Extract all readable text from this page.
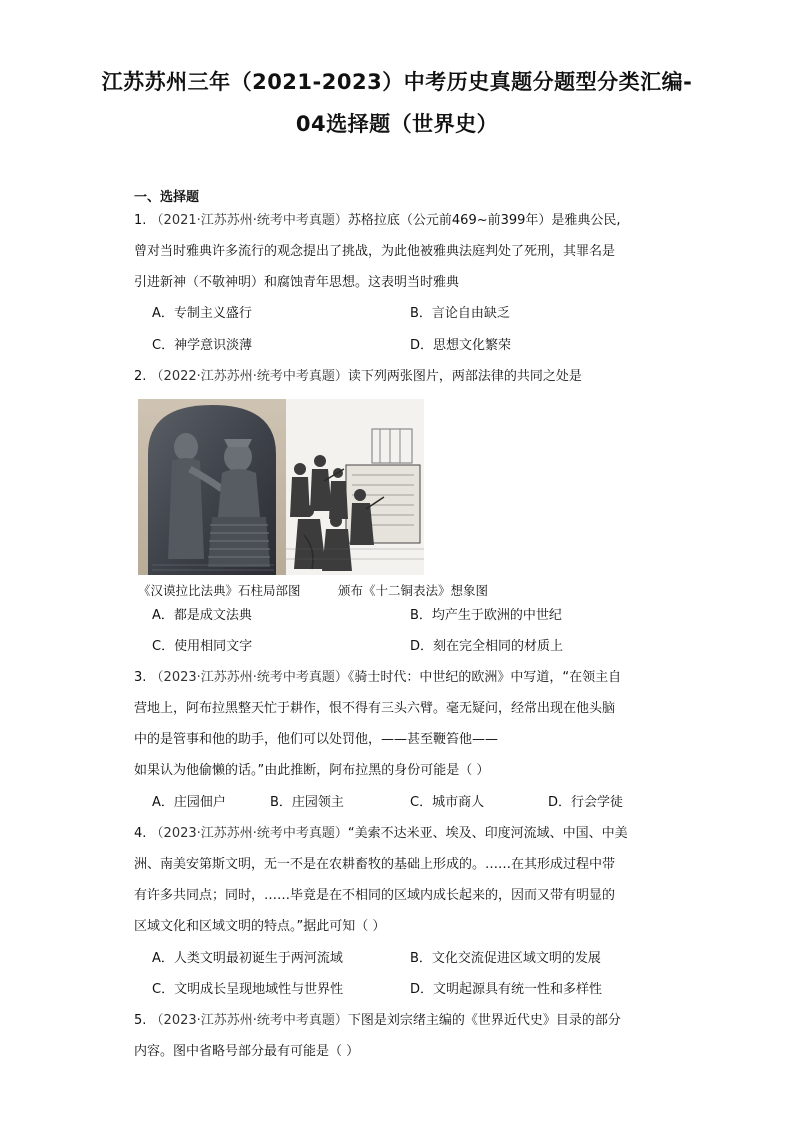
江苏苏州三年（2021-2023）中考历史真题分题型分类汇编-
04选择题（世界史）
一、选择题
1. （2021·江苏苏州·统考中考真题）苏格拉底（公元前469~前399年）是雅典公民,
曾对当时雅典许多流行的观念提出了挑战，为此他被雅典法庭判处了死刑，其罪名是
引进新神（不敬神明）和腐蚀青年思想。这表明当时雅典
A．专制主义盛行	B．言论自由缺乏
C．神学意识淡薄	D．思想文化繁荣
2. （2022·江苏苏州·统考中考真题）读下列两张图片，两部法律的共同之处是
《汉谟拉比法典》石柱局部图	颁布《十二铜表法》想象图
A．都是成文法典	B．均产生于欧洲的中世纪
C．使用相同文字	D．刻在完全相同的材质上
3. （2023·江苏苏州·统考中考真题）《骑士时代：中世纪的欧洲》中写道，“在领主自
营地上，阿布拉黑整天忙于耕作，恨不得有三头六臂。毫无疑问，经常出现在他头脑
中的是管事和他的助手，他们可以处罚他，——甚至鞭笞他——
如果认为他偷懒的话。”由此推断，阿布拉黑的身份可能是（ ）
A．庄园佃户	B．庄园领主	C．城市商人	D．行会学徒
4. （2023·江苏苏州·统考中考真题）“美索不达米亚、埃及、印度河流域、中国、中美
洲、南美安第斯文明，无一不是在农耕畜牧的基础上形成的。……在其形成过程中带
有许多共同点；同时，……毕竟是在不相同的区域内成长起来的，因而又带有明显的
区域文化和区域文明的特点。”据此可知（ ）
A．人类文明最初诞生于两河流域	B．文化交流促进区域文明的发展
C．文明成长呈现地域性与世界性	D．文明起源具有统一性和多样性
5. （2023·江苏苏州·统考中考真题）下图是刘宗绪主编的《世界近代史》目录的部分
内容。图中省略号部分最有可能是（ ）
